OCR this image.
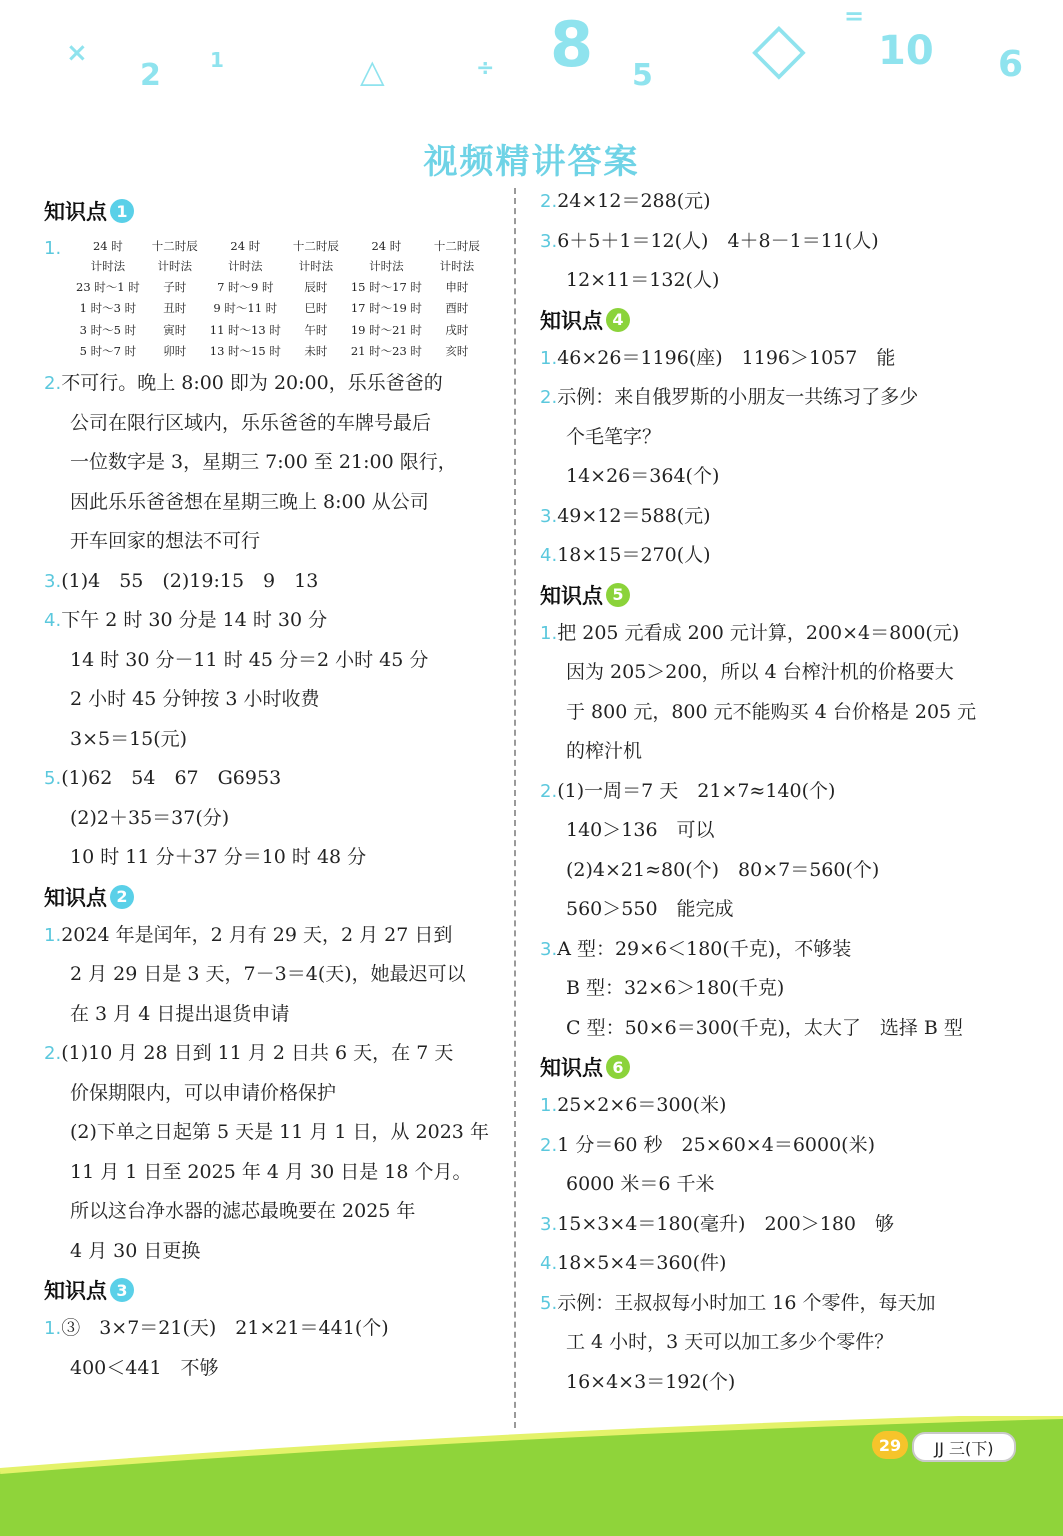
×
2 1	△	÷ 8 5 ◇ =
10 6
视频精讲答案
知识点 1
1.	24 时	十二时辰	24 时	十二时辰	24 时	十二时辰
计时法	计时法	计时法	计时法	计时法	计时法
23 时～1 时	子时	7 时～9 时	辰时	15 时～17 时	申时
1 时～3 时	丑时	9 时～11 时	巳时	17 时～19 时	酉时
3 时～5 时	寅时	11 时～13 时	午时	19 时～21 时	戌时
5 时～7 时	卯时	13 时～15 时	未时	21 时～23 时	亥时
2.不可行。晚上 8:00 即为 20:00，乐乐爸爸的
公司在限行区域内，乐乐爸爸的车牌号最后
一位数字是 3，星期三 7:00 至 21:00 限行，
因此乐乐爸爸想在星期三晚上 8:00 从公司
开车回家的想法不可行
3.(1)4　55　(2)19:15　9　13
4.下午 2 时 30 分是 14 时 30 分
14 时 30 分－11 时 45 分＝2 小时 45 分
2 小时 45 分钟按 3 小时收费
3×5＝15(元)
5.(1)62　54　67　G6953
(2)2＋35＝37(分)
10 时 11 分＋37 分＝10 时 48 分
知识点 2
1.2024 年是闰年，2 月有 29 天，2 月 27 日到
2 月 29 日是 3 天，7－3＝4(天)，她最迟可以
在 3 月 4 日提出退货申请
2.(1)10 月 28 日到 11 月 2 日共 6 天，在 7 天
价保期限内，可以申请价格保护
(2)下单之日起第 5 天是 11 月 1 日，从 2023 年
11 月 1 日至 2025 年 4 月 30 日是 18 个月。
所以这台净水器的滤芯最晚要在 2025 年
4 月 30 日更换
知识点 3
1.③　3×7＝21(天)　21×21＝441(个)
400＜441　不够
2.24×12＝288(元)
3.6＋5＋1＝12(人)　4＋8－1＝11(人)
12×11＝132(人)
知识点 4
1.46×26＝1196(座)　1196＞1057　能
2.示例：来自俄罗斯的小朋友一共练习了多少
个毛笔字？
14×26＝364(个)
3.49×12＝588(元)
4.18×15＝270(人)
知识点 5
1.把 205 元看成 200 元计算，200×4＝800(元)
因为 205＞200，所以 4 台榨汁机的价格要大
于 800 元，800 元不能购买 4 台价格是 205 元
的榨汁机
2.(1)一周＝7 天　21×7≈140(个)
140＞136　可以
(2)4×21≈80(个)　80×7＝560(个)
560＞550　能完成
3.A 型：29×6＜180(千克)，不够装
B 型：32×6＞180(千克)
C 型：50×6＝300(千克)，太大了　选择 B 型
知识点 6
1.25×2×6＝300(米)
2.1 分＝60 秒　25×60×4＝6000(米)
6000 米＝6 千米
3.15×3×4＝180(毫升)　200＞180　够
4.18×5×4＝360(件)
5.示例：王叔叔每小时加工 16 个零件，每天加
工 4 小时，3 天可以加工多少个零件？
16×4×3＝192(个)
29	JJ 三(下)
